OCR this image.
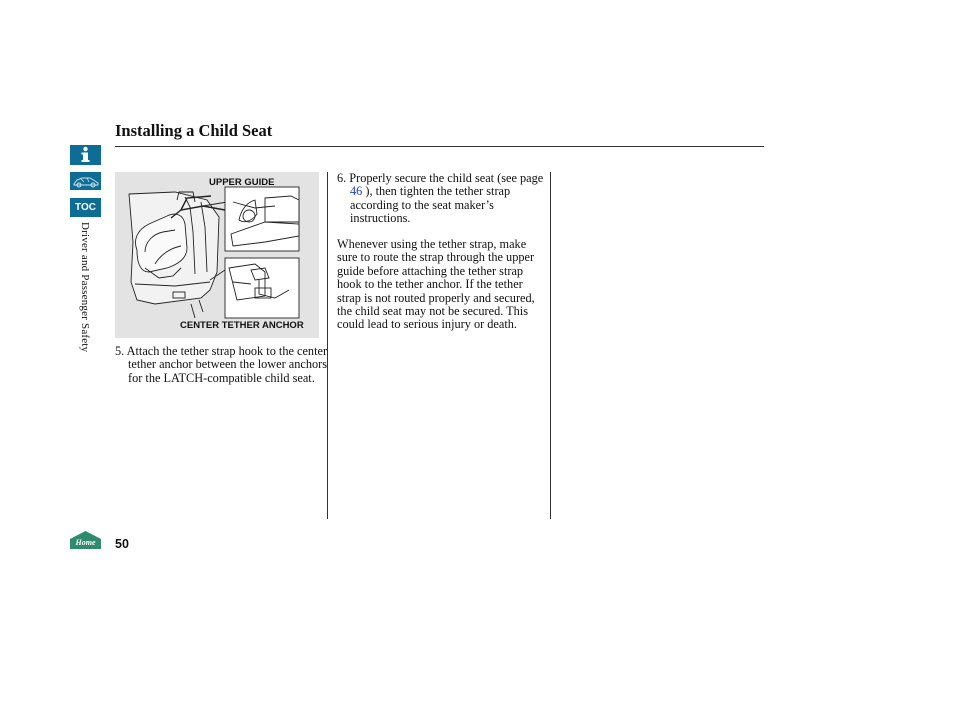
TOC
Driver and Passenger Safety
Installing a Child Seat
UPPER GUIDE
CENTER TETHER ANCHOR
5. Attach the tether strap hook to the center tether anchor between the lower anchors for the LATCH-compatible child seat.
6. Properly secure the child seat (see page 46 ), then tighten the tether strap according to the seat maker’s instructions.
Whenever using the tether strap, make sure to route the strap through the upper guide before attaching the tether strap hook to the tether anchor. If the tether strap is not routed properly and secured, the child seat may not be secured. This could lead to serious injury or death.
Home 50
